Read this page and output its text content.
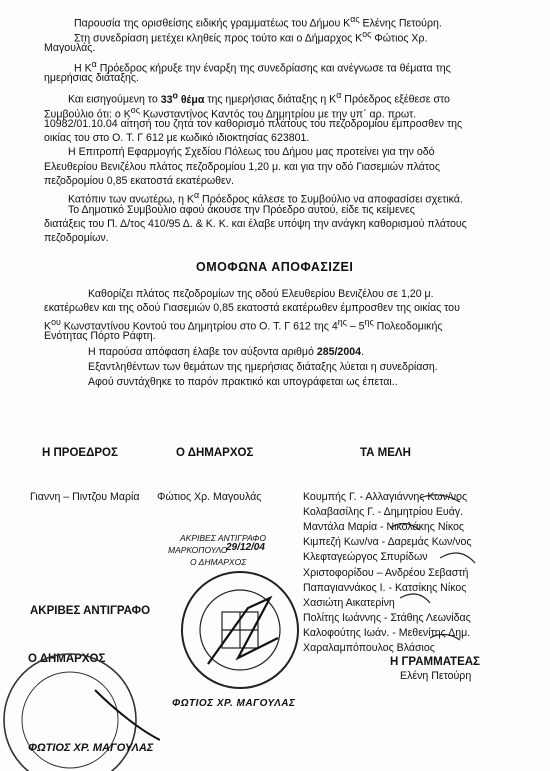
Παρουσία της ορισθείσης ειδικής γραμματέως του Δήμου $K^{\alpha\varsigma}$ Ελένης Πετούρη.
Στη συνεδρίαση μετέχει κληθείς προς τούτο και ο Δήμαρχος $K^{o\varsigma}$ Φώτιος Χρ.
Μαγουλάς.
Η $K^\alpha$ Πρόεδρος κήρυξε την έναρξη της συνεδρίασης και ανέγνωσε τα θέματα της
ημερήσιας διάταξης.
Και εισηγούμενη το $33^o$ θέμα της ημερήσιας διάταξης η $K^\alpha$ Πρόεδρος εξέθεσε στο
Συμβούλιο ότι: ο $K^{o\varsigma}$ Κωνσταντίνος Καντός του Δημητρίου με την υπ΄ αρ. πρωτ.
10982/01.10.04 αίτησή του ζητά τον καθορισμό πλάτους του πεζοδρομίου έμπροσθεν της
οικίας του στο Ο. Τ. Γ 612 με κωδικό ιδιοκτησίας 623801.
Η Επιτροπή Εφαρμογής Σχεδίου Πόλεως του Δήμου μας προτείνει για την οδό
Ελευθερίου Βενιζέλου πλάτος πεζοδρομίου 1,20 μ. και για την οδό Γιασεμιών πλάτος
πεζοδρομίου 0,85 εκατοστά εκατέρωθεν.
Κατόπιν των ανωτέρω, η $K^\alpha$ Πρόεδρος κάλεσε το Συμβούλιο να αποφασίσει σχετικά.
Το Δημοτικό Συμβούλιο αφού άκουσε την Πρόεδρο αυτού, είδε τις κείμενες
διατάξεις του Π. Δ/τος 410/95 Δ. & Κ. Κ. και έλαβε υπόψη την ανάγκη καθορισμού πλάτους
πεζοδρομίων.
ΟΜΟΦΩΝΑ ΑΠΟΦΑΣΙΖΕΙ
Καθορίζει πλάτος πεζοδρομίων της οδού Ελευθερίου Βενιζέλου σε 1,20 μ.
εκατέρωθεν και της οδού Γιασεμιών 0,85 εκατοστά εκατέρωθεν έμπροσθεν της οικίας του
$K^{o\upsilon}$ Κωνσταντίνου Κοντού του Δημητρίου στο Ο. Τ. Γ 612 της $4^{\eta\varsigma} - 5^{\eta\varsigma}$ Πολεοδομικής
Ενότητας Πόρτο Ράφτη.
Η παρούσα απόφαση έλαβε τον αύξοντα αριθμό 285/2004.
Εξαντληθέντων των θεμάτων της ημερήσιας διάταξης λύεται η συνεδρίαση.
Αφού συντάχθηκε το παρόν πρακτικό και υπογράφεται ως έπεται..
Η ΠΡΟΕΔΡΟΣ	Ο ΔΗΜΑΡΧΟΣ	ΤΑ ΜΕΛΗ
Γιαννη – Πιντζου Μαρία Φώτιος Χρ. Μαγουλάς	Κουμπής Γ. - Αλλαγιάννης Κων/νος
Κολαβασίλης Γ. - Δημητρίου Ευάγ.
Μαντάλα Μαρία - Νικολάκης Νίκος
Κιμπεζή Κων/να - Δαρεμάς Κων/νος
Κλεφταγεώργος Σπυρίδων
Χριστοφορίδου – Ανδρέου Σεβαστή
Παπαγιαννάκος Ι. - Κατσίκης Νίκος
Χασιώτη Αικατερίνη
Πολίτης Ιωάννης - Στάθης Λεωνίδας
Καλοφούτης Ιωάν. - Μεθενίτης Δημ.
Χαραλαμπόπουλος Βλάσιος
Η ΓΡΑΜΜΑΤΕΑΣ
Ελένη Πετούρη
ΑΚΡΙΒΕΣ ΑΝΤΙΓΡΑΦΟ
ΜΑΡΚΟΠΟΥΛΟ
29/12/04
Ο ΔΗΜΑΡΧΟΣ
ΑΚΡΙΒΕΣ ΑΝΤΙΓΡΑΦΟ
Ο ΔΗΜΑΡΧΟΣ
ΦΩΤΙΟΣ ΧΡ. ΜΑΓΟΥΛΑΣ
ΦΩΤΙΟΣ ΧΡ. ΜΑΓΟΥΛΑΣ
